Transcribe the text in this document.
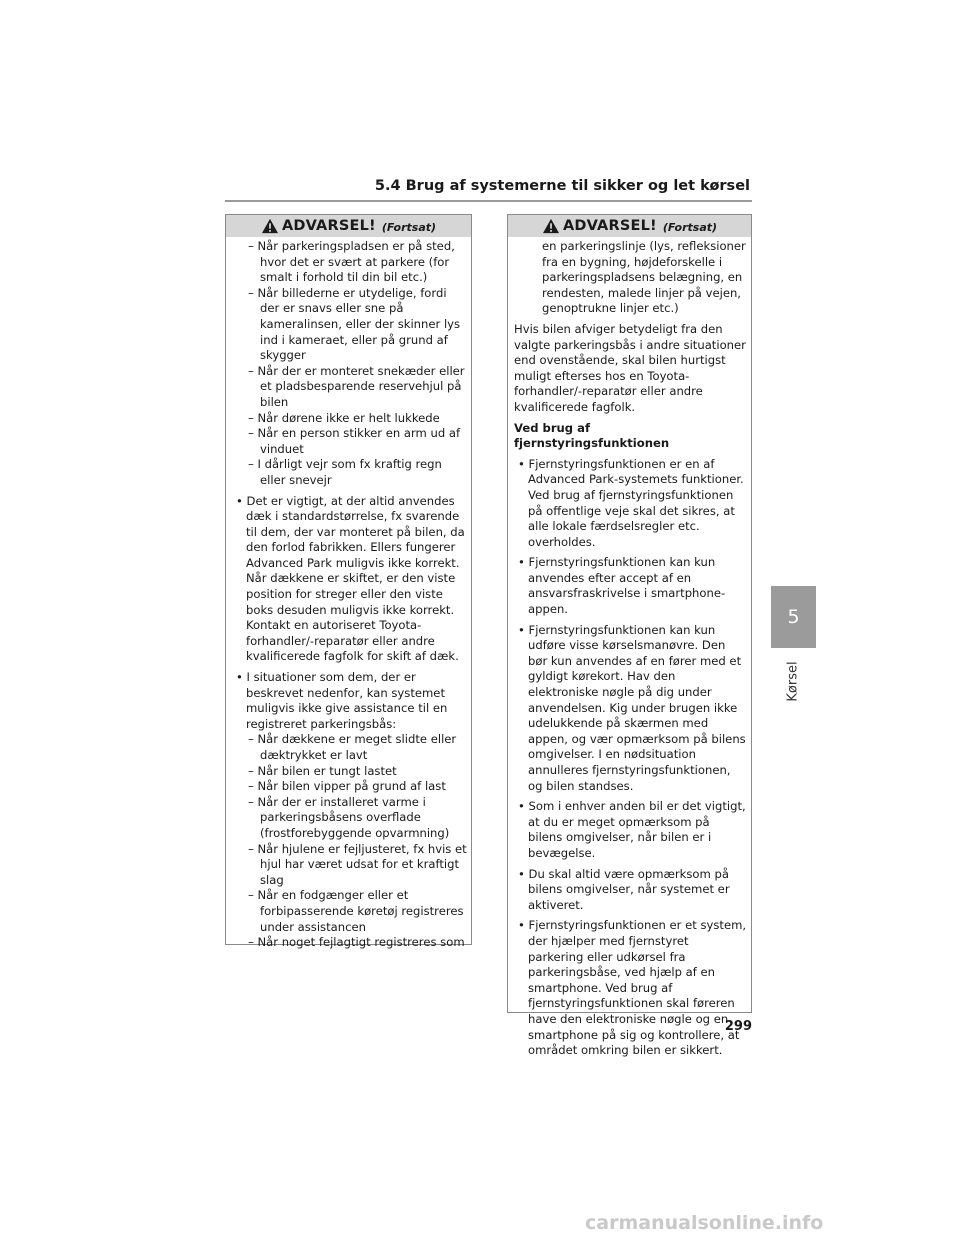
5.4 Brug af systemerne til sikker og let kørsel
ADVARSEL! (Fortsat)
– Når parkeringspladsen er på sted, hvor det er svært at parkere (for smalt i forhold til din bil etc.)
– Når billederne er utydelige, fordi der er snavs eller sne på kameralinsen, eller der skinner lys ind i kameraet, eller på grund af skygger
– Når der er monteret snekæder eller et pladsbesparende reservehjul på bilen
– Når dørene ikke er helt lukkede
– Når en person stikker en arm ud af vinduet
– I dårligt vejr som fx kraftig regn eller snevejr
• Det er vigtigt, at der altid anvendes dæk i standardstørrelse, fx svarende til dem, der var monteret på bilen, da den forlod fabrikken. Ellers fungerer Advanced Park muligvis ikke korrekt. Når dækkene er skiftet, er den viste position for streger eller den viste boks desuden muligvis ikke korrekt. Kontakt en autoriseret Toyota-forhandler/-reparatør eller andre kvalificerede fagfolk for skift af dæk.
• I situationer som dem, der er beskrevet nedenfor, kan systemet muligvis ikke give assistance til en registreret parkeringsbås:
– Når dækkene er meget slidte eller dæktrykket er lavt
– Når bilen er tungt lastet
– Når bilen vipper på grund af last
– Når der er installeret varme i parkeringsbåsens overflade (frostforebyggende opvarmning)
– Når hjulene er fejljusteret, fx hvis et hjul har været udsat for et kraftigt slag
– Når en fodgænger eller et forbipasserende køretøj registreres under assistancen
– Når noget fejlagtigt registreres som
ADVARSEL! (Fortsat)
en parkeringslinje (lys, refleksioner fra en bygning, højdeforskelle i parkeringspladsens belægning, en rendesten, malede linjer på vejen, genoptrukne linjer etc.)
Hvis bilen afviger betydeligt fra den valgte parkeringsbås i andre situationer end ovenstående, skal bilen hurtigst muligt efterses hos en Toyota-forhandler/-reparatør eller andre kvalificerede fagfolk.
Ved brug af fjernstyringsfunktionen
• Fjernstyringsfunktionen er en af Advanced Park-systemets funktioner. Ved brug af fjernstyringsfunktionen på offentlige veje skal det sikres, at alle lokale færdselsregler etc. overholdes.
• Fjernstyringsfunktionen kan kun anvendes efter accept af en ansvarsfraskrivelse i smartphone-appen.
• Fjernstyringsfunktionen kan kun udføre visse kørselsmanøvre. Den bør kun anvendes af en fører med et gyldigt kørekort. Hav den elektroniske nøgle på dig under anvendelsen. Kig under brugen ikke udelukkende på skærmen med appen, og vær opmærksom på bilens omgivelser. I en nødsituation annulleres fjernstyringsfunktionen, og bilen standses.
• Som i enhver anden bil er det vigtigt, at du er meget opmærksom på bilens omgivelser, når bilen er i bevægelse.
• Du skal altid være opmærksom på bilens omgivelser, når systemet er aktiveret.
• Fjernstyringsfunktionen er et system, der hjælper med fjernstyret parkering eller udkørsel fra parkeringsbåse, ved hjælp af en smartphone. Ved brug af fjernstyringsfunktionen skal føreren have den elektroniske nøgle og en smartphone på sig og kontrollere, at området omkring bilen er sikkert.
5
Kørsel
299
carmanualsonline.info
